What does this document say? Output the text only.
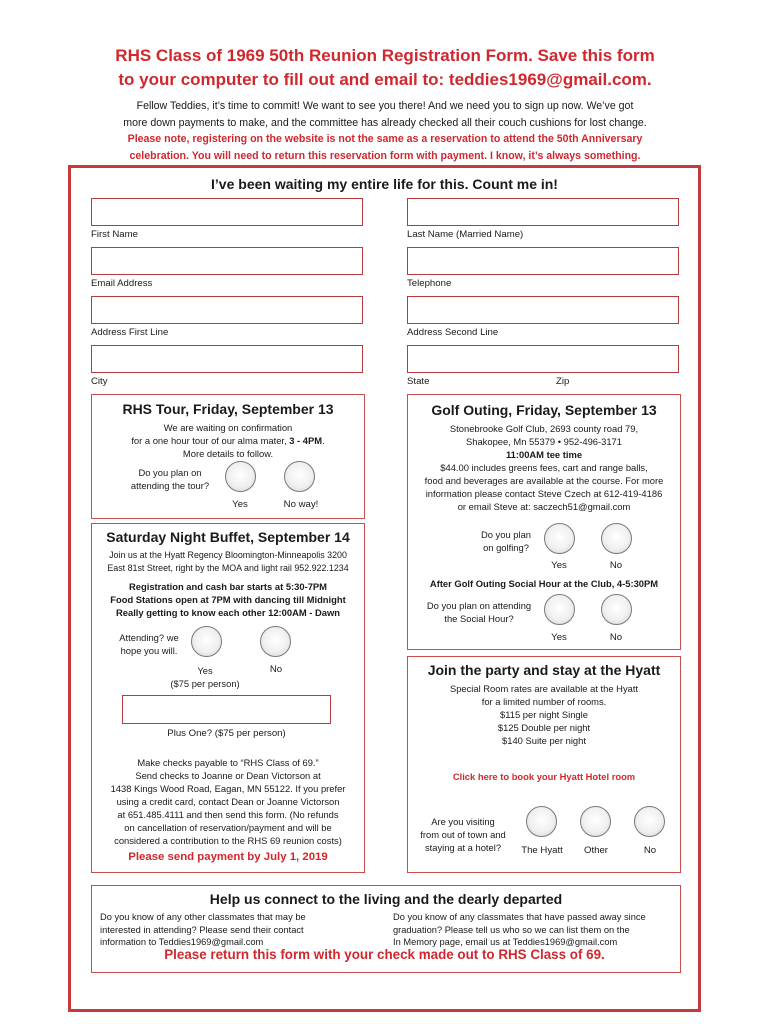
RHS Class of 1969 50th Reunion Registration Form. Save this form
to your computer to fill out and email to: teddies1969@gmail.com.
Fellow Teddies, it’s time to commit! We want to see you there! And we need you to sign up now. We’ve got
more down payments to make, and the committee has already checked all their couch cushions for lost change.
Please note, registering on the website is not the same as a reservation to attend the 50th Anniversary
celebration. You will need to return this reservation form with payment. I know, it’s always something.
I’ve been waiting my entire life for this. Count me in!
First Name	Last Name (Married Name)
Email Address	Telephone
Address First Line	Address Second Line
City	State	Zip
RHS Tour, Friday, September 13
We are waiting on confirmation
for a one hour tour of our alma mater, 3 - 4PM.
More details to follow.
Do you plan on
attending the tour?
Yes	No way!
Golf Outing, Friday, September 13
Stonebrooke Golf Club, 2693 county road 79,
Shakopee, Mn 55379 • 952-496-3171
11:00AM tee time
$44.00 includes greens fees, cart and range balls,
food and beverages are available at the course. For more
information please contact Steve Czech at 612-419-4186
or email Steve at: saczech51@gmail.com
Do you plan
on golfing?
Yes	No
After Golf Outing Social Hour at the Club, 4-5:30PM
Do you plan on attending
the Social Hour?
Yes	No
Saturday Night Buffet, September 14
Join us at the Hyatt Regency Bloomington-Minneapolis 3200
East 81st Street, right by the MOA and light rail 952.922.1234
Registration and cash bar starts at 5:30-7PM
Food Stations open at 7PM with dancing till Midnight
Really getting to know each other 12:00AM - Dawn
Attending? we
hope you will.
Yes
($75 per person)
No
Plus One? ($75 per person)
Make checks payable to “RHS Class of 69.”
Send checks to Joanne or Dean Victorson at
1438 Kings Wood Road, Eagan, MN 55122. If you prefer
using a credit card, contact Dean or Joanne Victorson
at 651.485.4111 and then send this form. (No refunds
on cancellation of reservation/payment and will be
considered a contribution to the RHS 69 reunion costs)
Please send payment by July 1, 2019
Join the party and stay at the Hyatt
Special Room rates are available at the Hyatt
for a limited number of rooms.
$115 per night Single
$125 Double per night
$140 Suite per night
Click here to book your Hyatt Hotel room
Are you visiting
from out of town and
staying at a hotel?	The Hyatt	Other	No
Help us connect to the living and the dearly departed
Do you know of any other classmates that may be
interested in attending? Please send their contact
information to Teddies1969@gmail.com
Do you know of any classmates that have passed away since
graduation? Please tell us who so we can list them on the
In Memory page, email us at Teddies1969@gmail.com
Please return this form with your check made out to RHS Class of 69.
